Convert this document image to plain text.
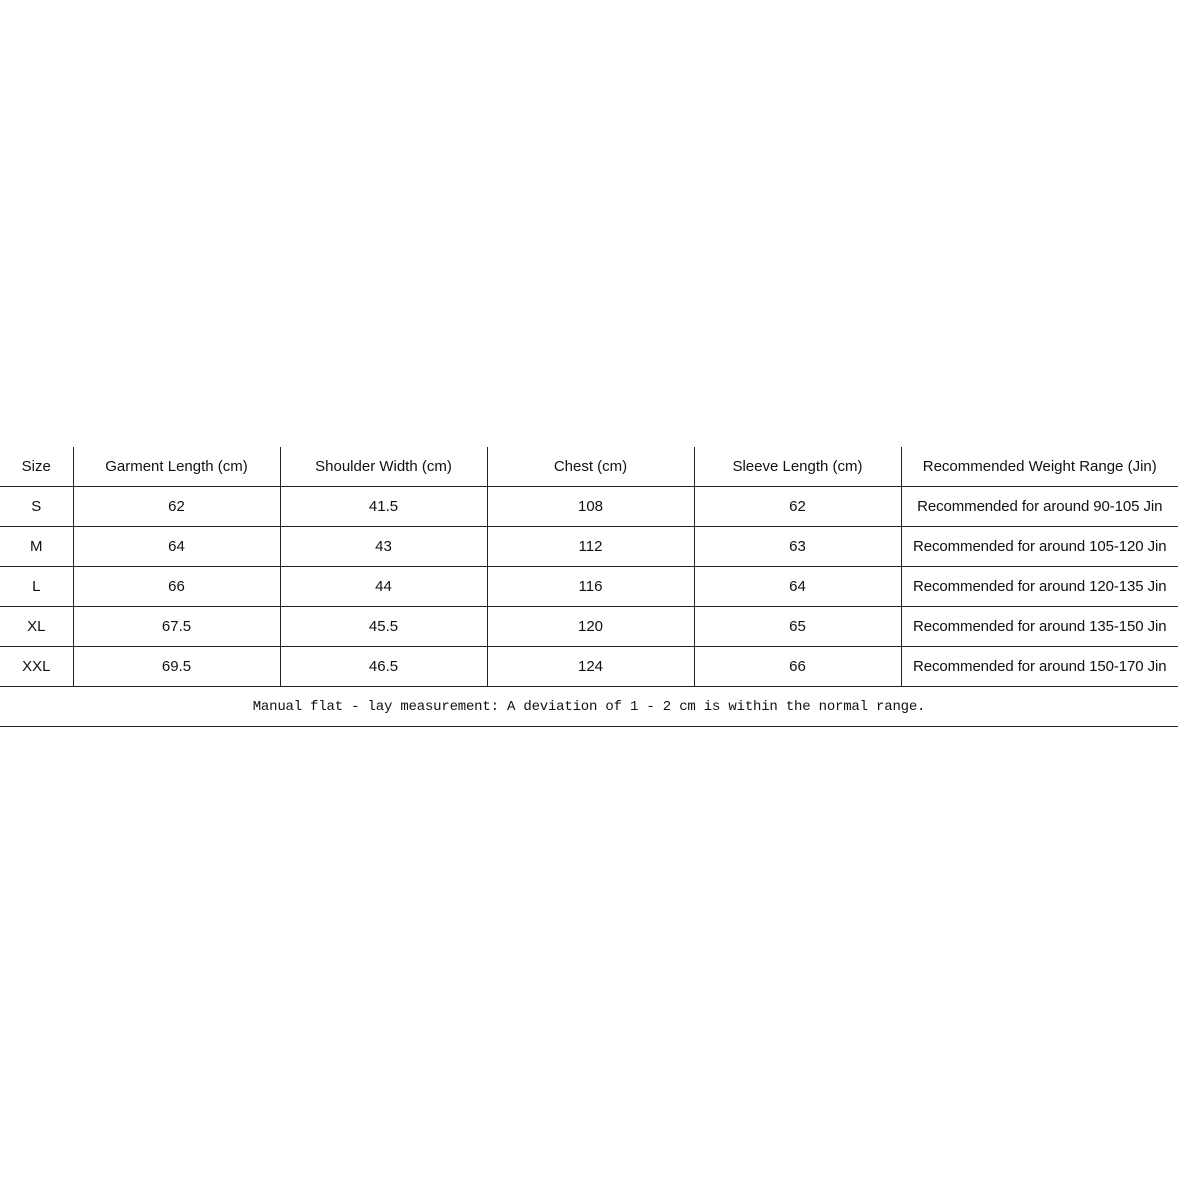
Size	Garment Length (cm)	Shoulder Width (cm)	Chest (cm)	Sleeve Length (cm)	Recommended Weight Range (Jin)
S	62	41.5	108	62	Recommended for around 90-105 Jin
M	64	43	112	63	Recommended for around 105-120 Jin
L	66	44	116	64	Recommended for around 120-135 Jin
XL	67.5	45.5	120	65	Recommended for around 135-150 Jin
XXL	69.5	46.5	124	66	Recommended for around 150-170 Jin
Manual flat - lay measurement: A deviation of 1 - 2 cm is within the normal range.					
